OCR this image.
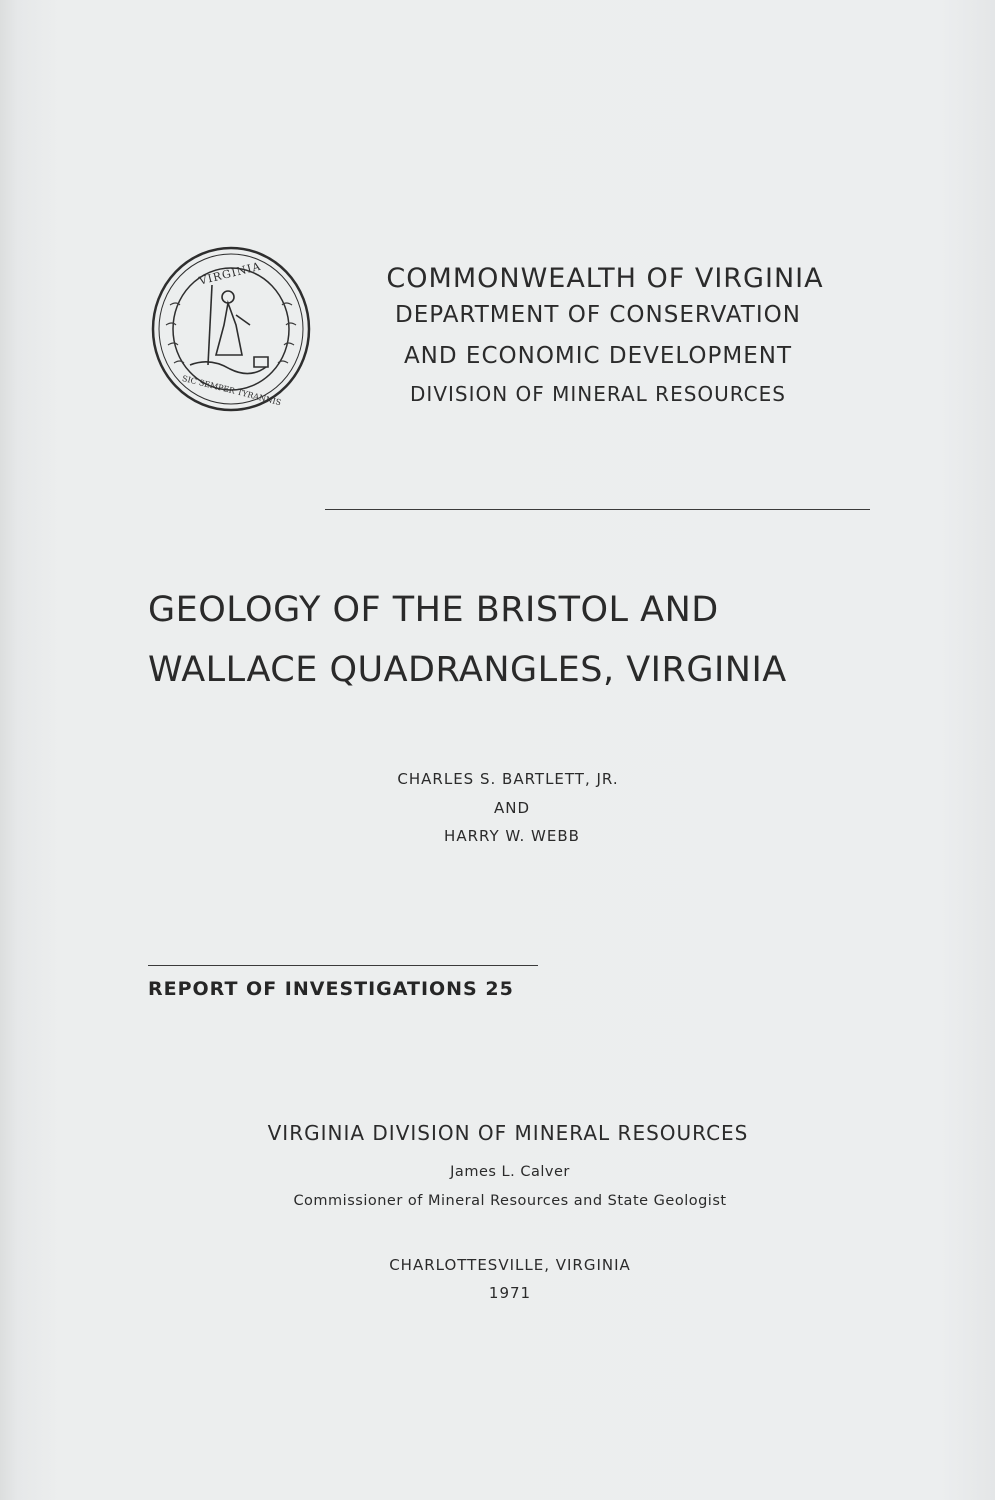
VIRGINIA
SIC SEMPER TYRANNIS
COMMONWEALTH OF VIRGINIA
DEPARTMENT OF CONSERVATION
AND ECONOMIC DEVELOPMENT
DIVISION OF MINERAL RESOURCES
GEOLOGY OF THE BRISTOL AND
WALLACE QUADRANGLES, VIRGINIA
CHARLES S. BARTLETT, JR.
AND
HARRY W. WEBB
REPORT OF INVESTIGATIONS 25
VIRGINIA DIVISION OF MINERAL RESOURCES
James L. Calver
Commissioner of Mineral Resources and State Geologist
CHARLOTTESVILLE, VIRGINIA
1971
